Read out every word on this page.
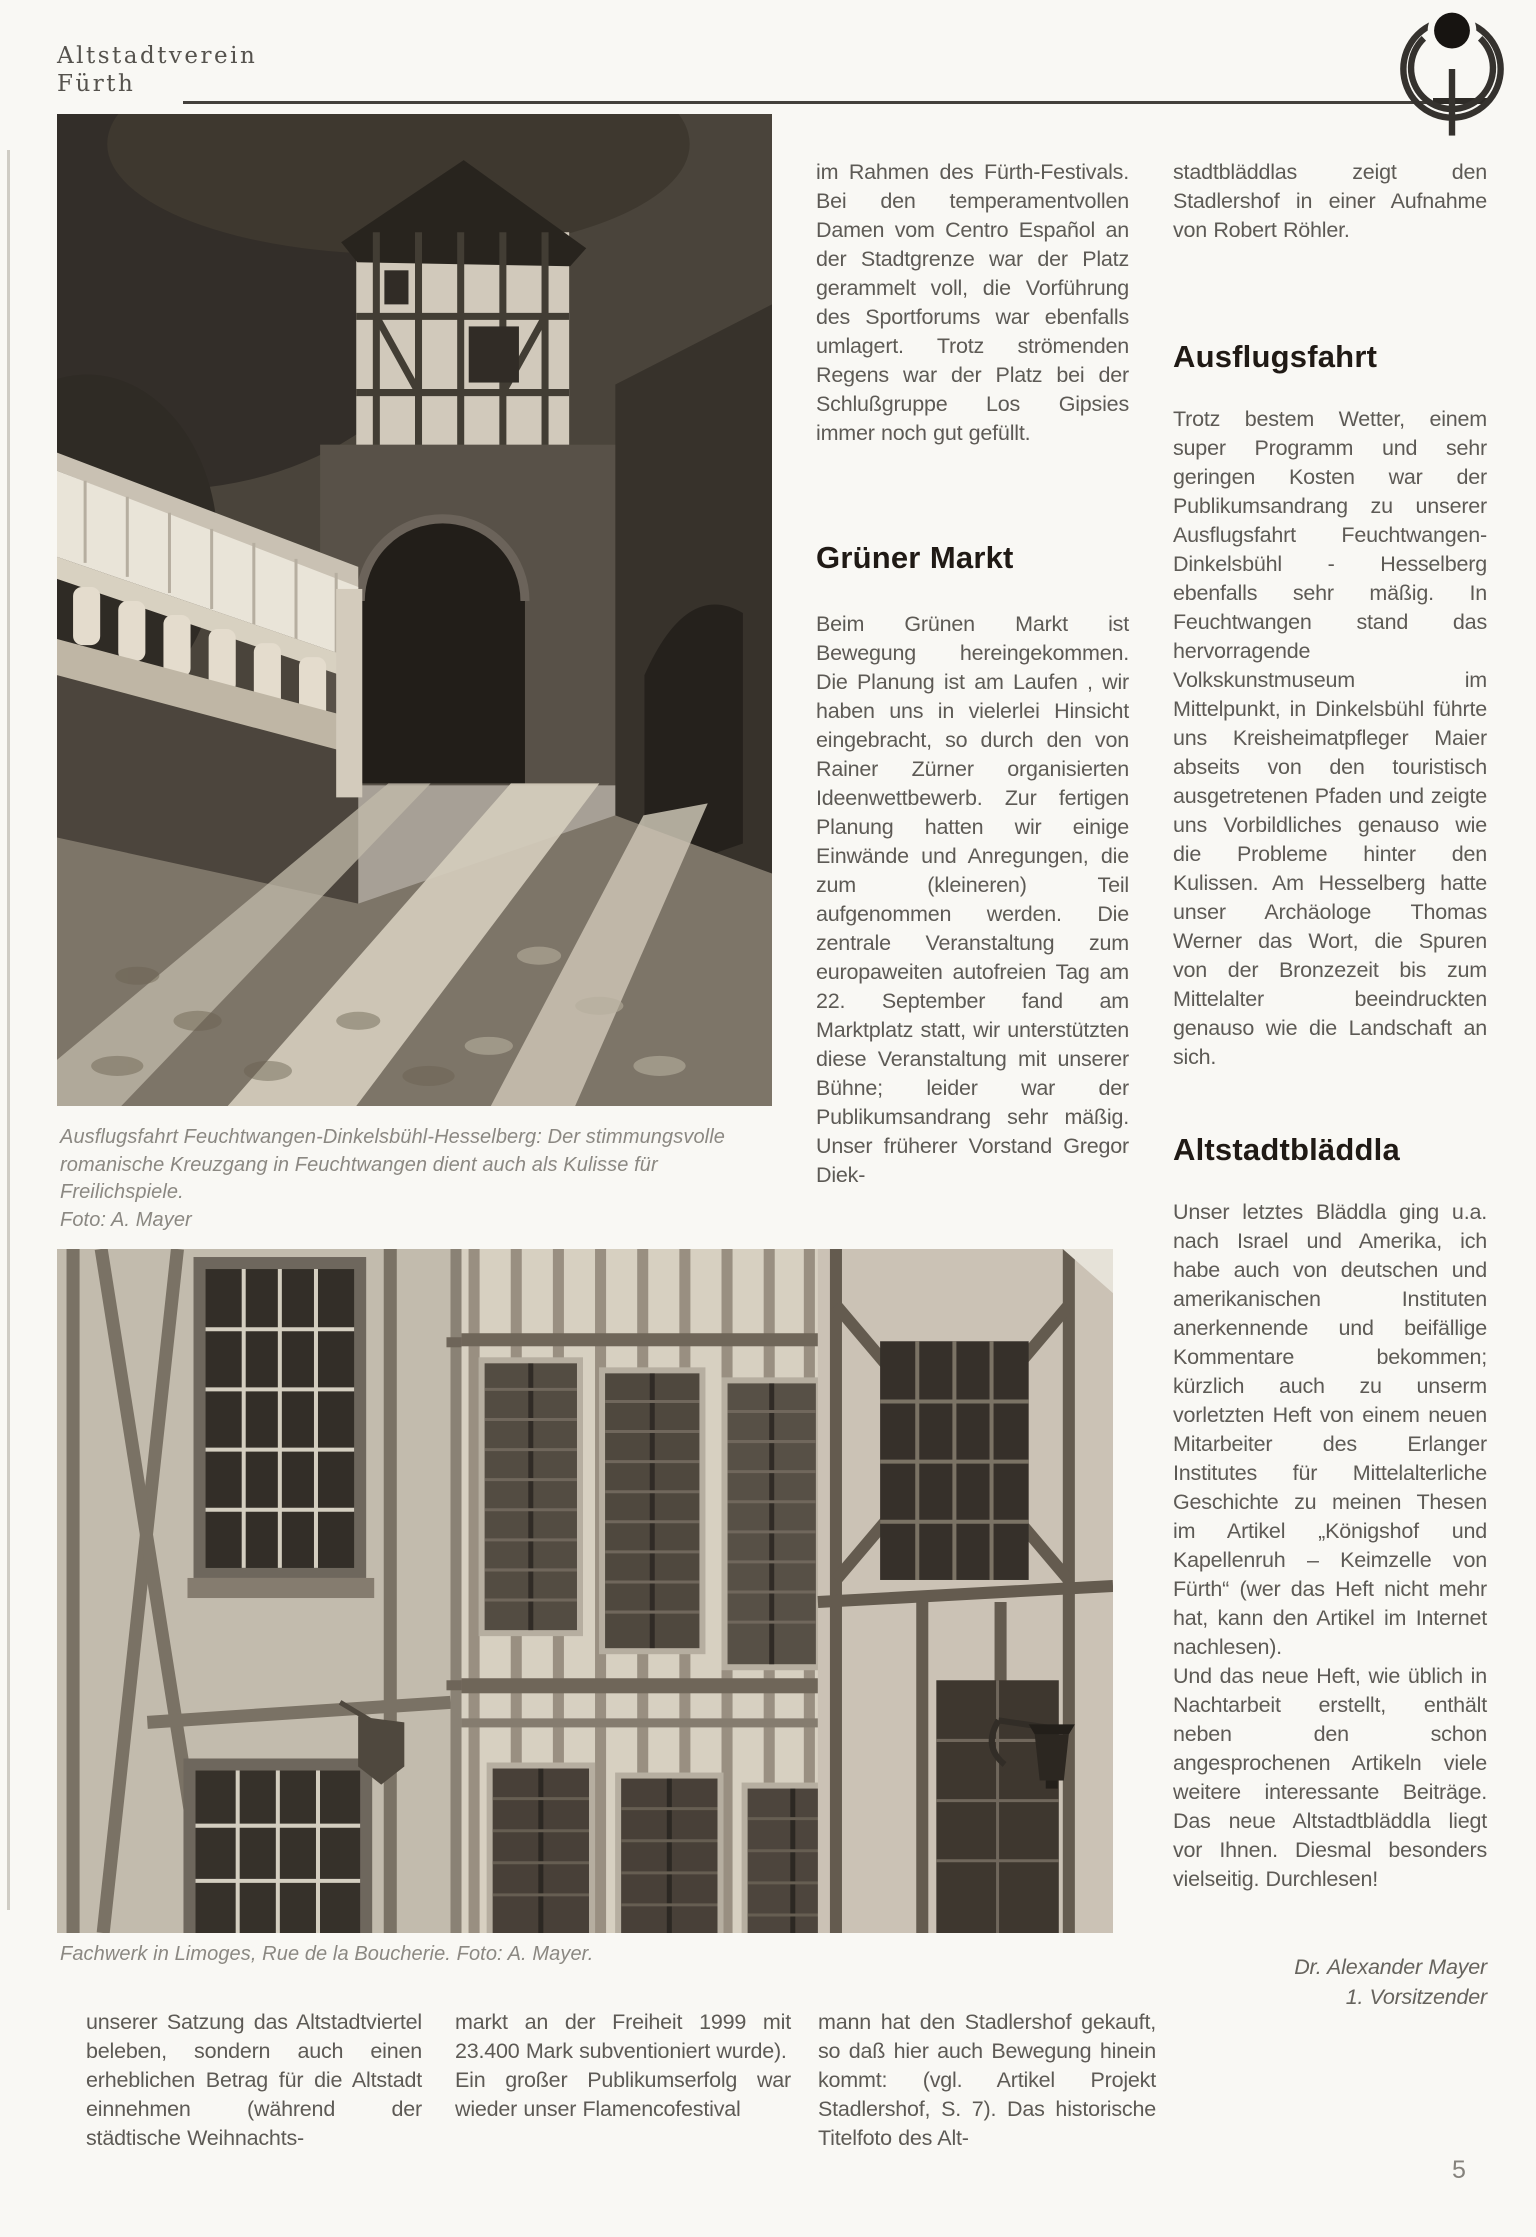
Altstadtverein
Fürth
Ausflugsfahrt Feuchtwangen-Dinkelsbühl-Hesselberg: Der stimmungsvolle romanische Kreuzgang in Feuchtwangen dient auch als Kulisse für Freilichspiele.
Foto: A. Mayer

im Rahmen des Fürth-Festivals. Bei den temperamentvollen Damen vom Centro Español an der Stadtgrenze war der Platz gerammelt voll, die Vorführung des Sportforums war ebenfalls umlagert. Trotz strömenden Regens war der Platz bei der Schlußgruppe Los Gipsies immer noch gut gefüllt.

Grüner Markt

Beim Grünen Markt ist Bewegung hereingekommen. Die Planung ist am Laufen , wir haben uns in vielerlei Hinsicht eingebracht, so durch den von Rainer Zürner organisierten Ideenwettbewerb. Zur fertigen Planung hatten wir einige Einwände und Anregungen, die zum (kleineren) Teil aufgenommen werden. Die zentrale Veranstaltung zum europaweiten autofreien Tag am 22. September fand am Marktplatz statt, wir unterstützten diese Veranstaltung mit unserer Bühne; leider war der Publikumsandrang sehr mäßig. Unser früherer Vorstand Gregor Diek-

stadtbläddlas zeigt den Stadlershof in einer Aufnahme von Robert Röhler.

Ausflugsfahrt

Trotz bestem Wetter, einem super Programm und sehr geringen Kosten war der Publikumsandrang zu unserer Ausflugsfahrt Feuchtwangen-Dinkelsbühl - Hesselberg ebenfalls sehr mäßig. In Feuchtwangen stand das hervorragende Volkskunstmuseum im Mittelpunkt, in Dinkelsbühl führte uns Kreisheimatpfleger Maier abseits von den touristisch ausgetretenen Pfaden und zeigte uns Vorbildliches genauso wie die Probleme hinter den Kulissen. Am Hesselberg hatte unser Archäologe Thomas Werner das Wort, die Spuren von der Bronzezeit bis zum Mittelalter beeindruckten genauso wie die Landschaft an sich.

Altstadtbläddla

Unser letztes Bläddla ging u.a. nach Israel und Amerika, ich habe auch von deutschen und amerikanischen Instituten anerkennende und beifällige Kommentare bekommen; kürzlich auch zu unserm vorletzten Heft von einem neuen Mitarbeiter des Erlanger Institutes für Mittelalterliche Geschichte zu meinen Thesen im Artikel „Königshof und Kapellenruh – Keimzelle von Fürth“ (wer das Heft nicht mehr hat, kann den Artikel im Internet nachlesen).

Und das neue Heft, wie üblich in Nachtarbeit erstellt, enthält neben den schon angesprochenen Artikeln viele weitere interessante Beiträge. Das neue Altstadtbläddla liegt vor Ihnen. Diesmal besonders vielseitig. Durchlesen!

Dr. Alexander Mayer
1. Vorsitzender
Fachwerk in Limoges, Rue de la Boucherie. Foto: A. Mayer.

unserer Satzung das Altstadtviertel beleben, sondern auch einen erheblichen Betrag für die Altstadt einnehmen (während der städtische Weihnachts-

markt an der Freiheit 1999 mit 23.400 Mark subventioniert wurde).

Ein großer Publikumserfolg war wieder unser Flamencofestival

mann hat den Stadlershof gekauft, so daß hier auch Bewegung hinein kommt: (vgl. Artikel Projekt Stadlershof, S. 7). Das historische Titelfoto des Alt-

5
